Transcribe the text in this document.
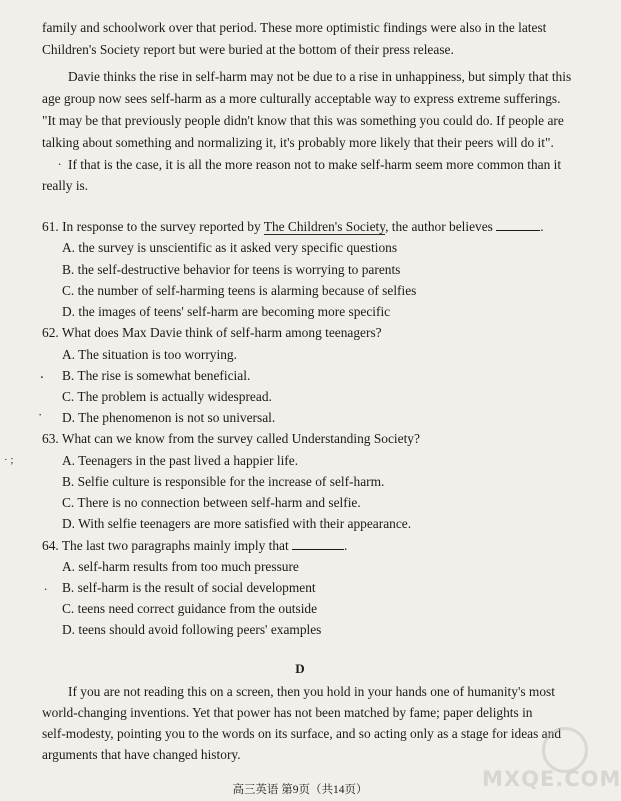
family and schoolwork over that period. These more optimistic findings were also in the latest
Children's Society report but were buried at the bottom of their press release.
Davie thinks the rise in self-harm may not be due to a rise in unhappiness, but simply that this
age group now sees self-harm as a more culturally acceptable way to express extreme sufferings.
"It may be that previously people didn't know that this was something you could do. If people are
talking about something and normalizing it, it's probably more likely that their peers will do it".
. If that is the case, it is all the more reason not to make self-harm seem more common than it
really is.
61. In response to the survey reported by The Children's Society, the author believes	.
A. the survey is unscientific as it asked very specific questions
B. the self-destructive behavior for teens is worrying to parents
C. the number of self-harming teens is alarming because of selfies
D. the images of teens' self-harm are becoming more specific
62. What does Max Davie think of self-harm among teenagers?
A. The situation is too worrying.
. B. The rise is somewhat beneficial.
C. The problem is actually widespread.
· D. The phenomenon is not so universal.
63. What can we know from the survey called Understanding Society?
· ;	A. Teenagers in the past lived a happier life.
B. Selfie culture is responsible for the increase of self-harm.
C. There is no connection between self-harm and selfie.
D. With selfie teenagers are more satisfied with their appearance.
64. The last two paragraphs mainly imply that	.
A. self-harm results from too much pressure
. B. self-harm is the result of social development
C. teens need correct guidance from the outside
D. teens should avoid following peers' examples
D
If you are not reading this on a screen, then you hold in your hands one of humanity's most
world-changing inventions. Yet that power has not been matched by fame; paper delights in
self-modesty, pointing you to the words on its surface, and so acting only as a stage for ideas and
arguments that have changed history.
高三英语 第9页（共14页）	MXQE.COM
